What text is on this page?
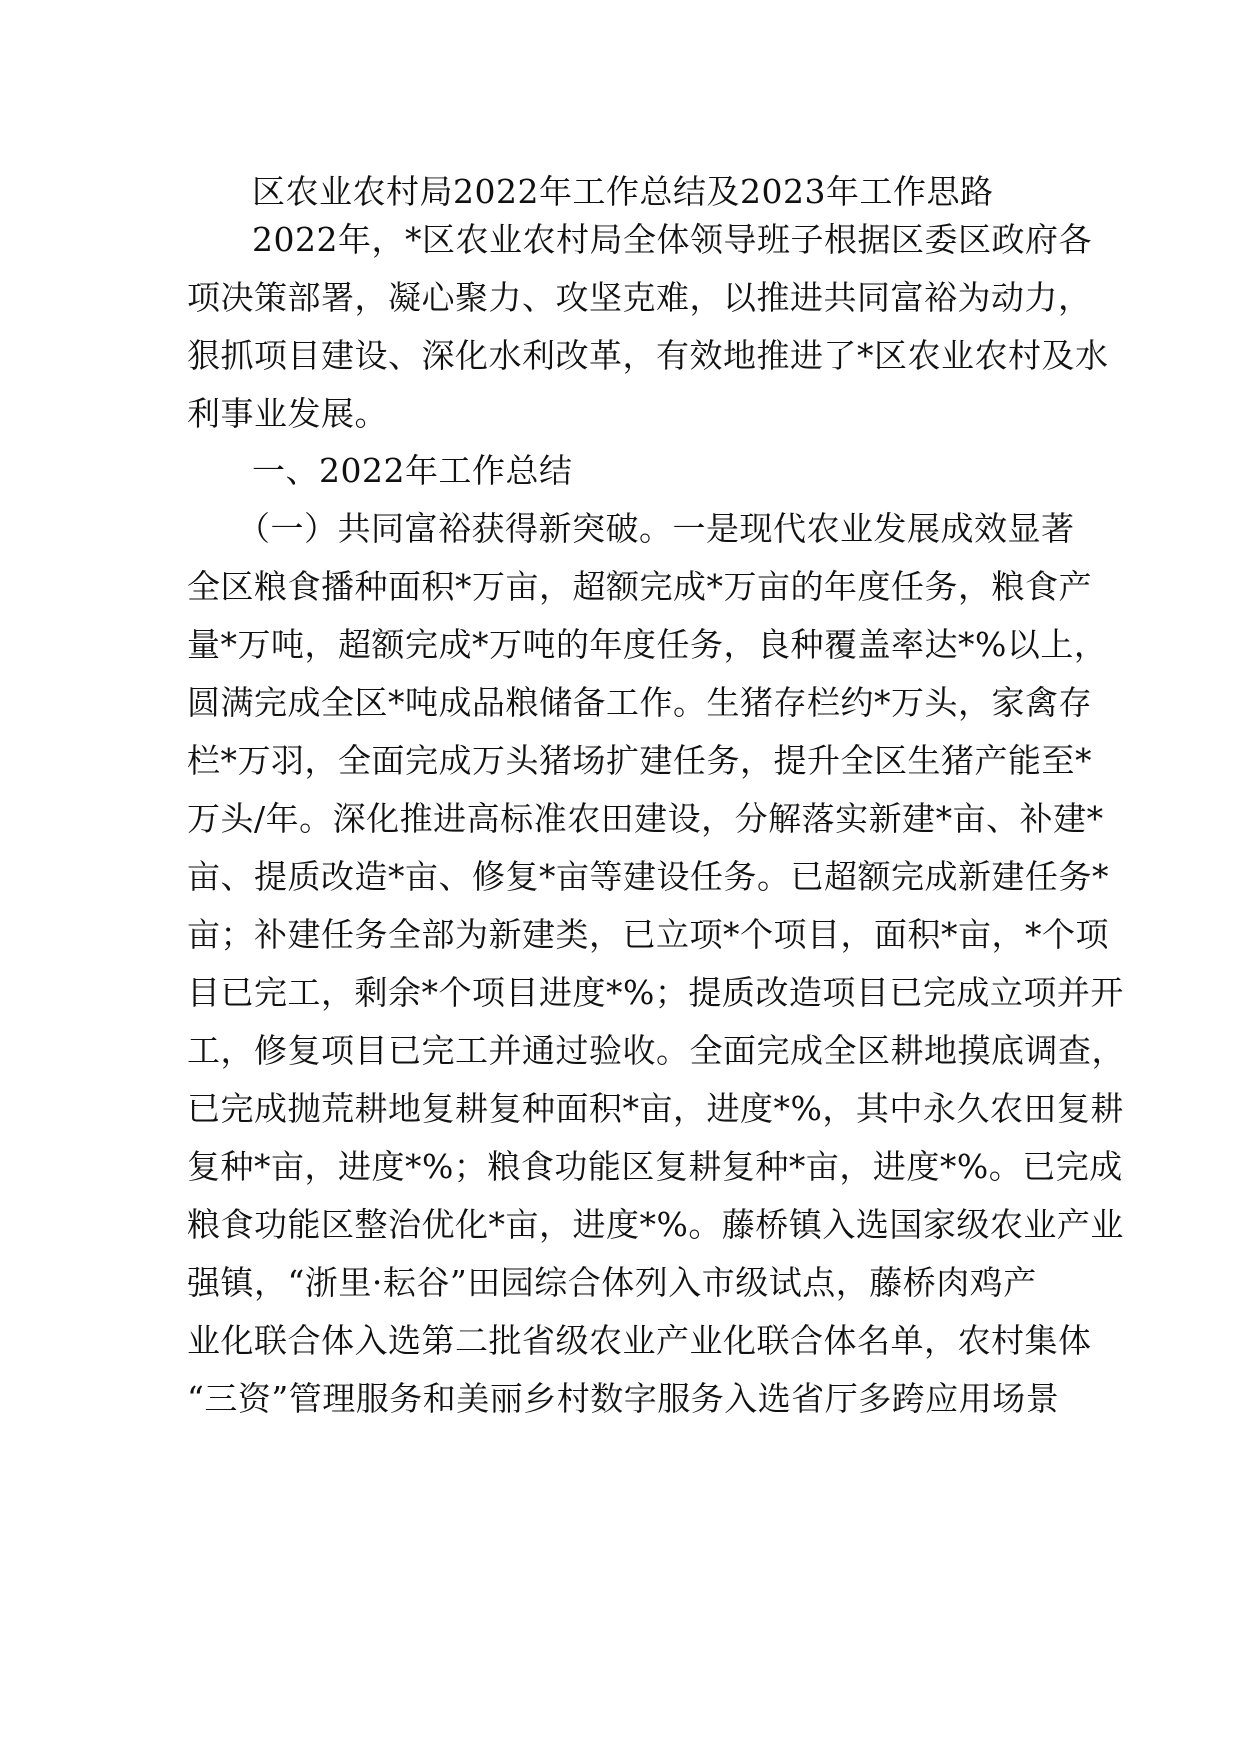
区农业农村局2022年工作总结及2023年工作思路
2022年，*区农业农村局全体领导班子根据区委区政府各
项决策部署，凝心聚力、攻坚克难，以推进共同富裕为动力，
狠抓项目建设、深化水利改革，有效地推进了*区农业农村及水
利事业发展。
一、2022年工作总结
（一）共同富裕获得新突破。一是现代农业发展成效显著
全区粮食播种面积*万亩，超额完成*万亩的年度任务，粮食产
量*万吨，超额完成*万吨的年度任务，良种覆盖率达*%以上，
圆满完成全区*吨成品粮储备工作。生猪存栏约*万头，家禽存
栏*万羽，全面完成万头猪场扩建任务，提升全区生猪产能至*
万头/年。深化推进高标准农田建设，分解落实新建*亩、补建*
亩、提质改造*亩、修复*亩等建设任务。已超额完成新建任务*
亩；补建任务全部为新建类，已立项*个项目，面积*亩，*个项
目已完工，剩余*个项目进度*%；提质改造项目已完成立项并开
工，修复项目已完工并通过验收。全面完成全区耕地摸底调查，
已完成抛荒耕地复耕复种面积*亩，进度*%，其中永久农田复耕
复种*亩，进度*%；粮食功能区复耕复种*亩，进度*%。已完成
粮食功能区整治优化*亩，进度*%。藤桥镇入选国家级农业产业
强镇，“浙里·耘谷”田园综合体列入市级试点，藤桥肉鸡产
业化联合体入选第二批省级农业产业化联合体名单，农村集体
“三资”管理服务和美丽乡村数字服务入选省厅多跨应用场景
